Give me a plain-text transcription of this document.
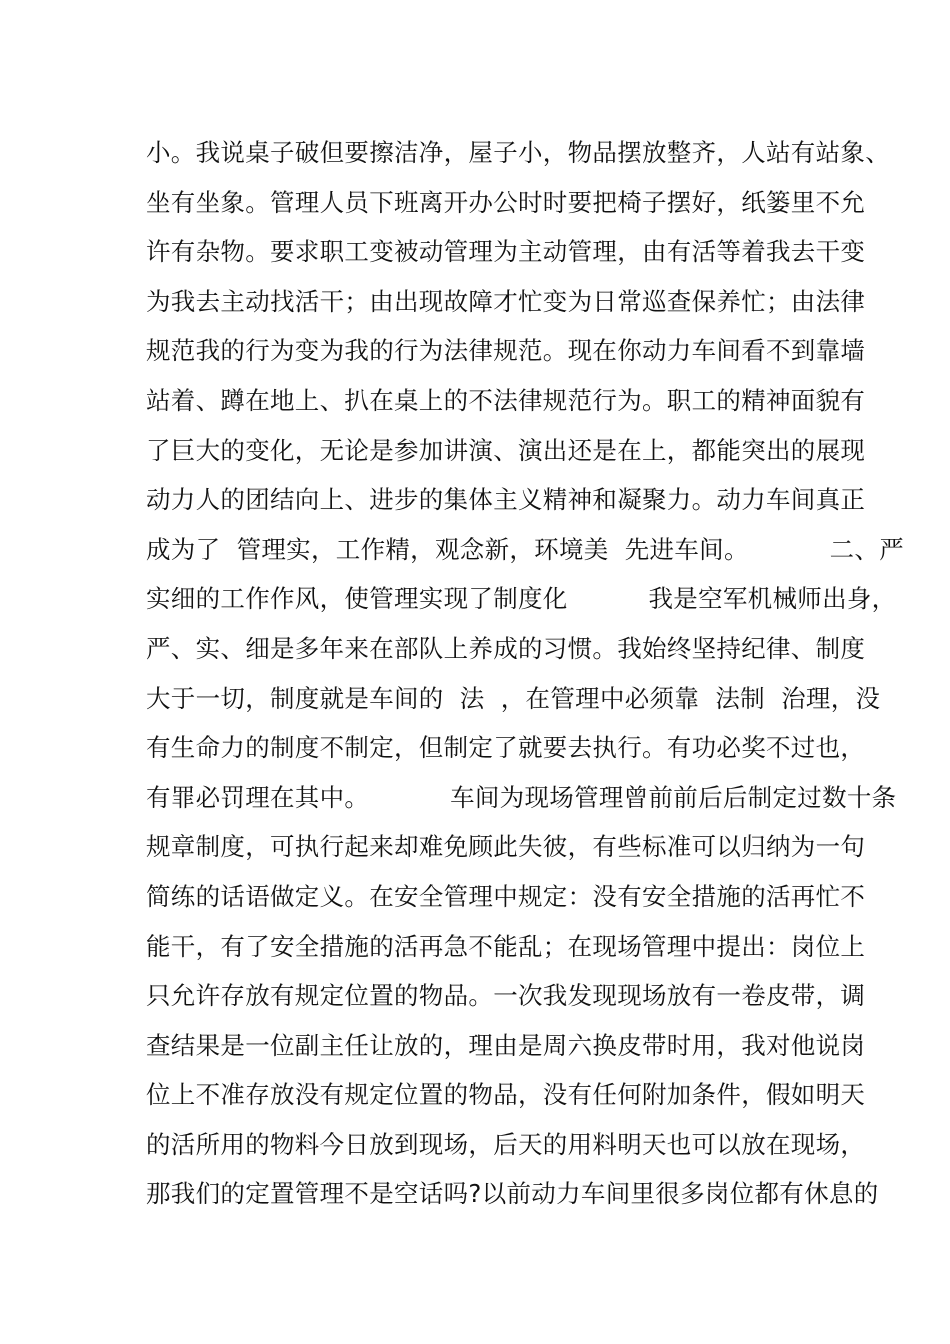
小。我说桌子破但要擦洁净，屋子小，物品摆放整齐，人站有站象、
坐有坐象。管理人员下班离开办公时时要把椅子摆好，纸篓里不允
许有杂物。要求职工变被动管理为主动管理，由有活等着我去干变
为我去主动找活干；由出现故障才忙变为日常巡查保养忙；由法律
规范我的行为变为我的行为法律规范。现在你动力车间看不到靠墙
站着、蹲在地上、扒在桌上的不法律规范行为。职工的精神面貌有
了巨大的变化，无论是参加讲演、演出还是在上，都能突出的展现
动力人的团结向上、进步的集体主义精神和凝聚力。动力车间真正
成为了  管理实，工作精，观念新，环境美  先进车间。          二、严
实细的工作作风，使管理实现了制度化          我是空军机械师出身，
严、实、细是多年来在部队上养成的习惯。我始终坚持纪律、制度
大于一切，制度就是车间的  法  ，在管理中必须靠  法制  治理，没
有生命力的制度不制定，但制定了就要去执行。有功必奖不过也，
有罪必罚理在其中。          车间为现场管理曾前前后后制定过数十条
规章制度，可执行起来却难免顾此失彼，有些标准可以归纳为一句
简练的话语做定义。在安全管理中规定：没有安全措施的活再忙不
能干，有了安全措施的活再急不能乱；在现场管理中提出：岗位上
只允许存放有规定位置的物品。一次我发现现场放有一卷皮带，调
查结果是一位副主任让放的，理由是周六换皮带时用，我对他说岗
位上不准存放没有规定位置的物品，没有任何附加条件，假如明天
的活所用的物料今日放到现场，后天的用料明天也可以放在现场，
那我们的定置管理不是空话吗?以前动力车间里很多岗位都有休息的
